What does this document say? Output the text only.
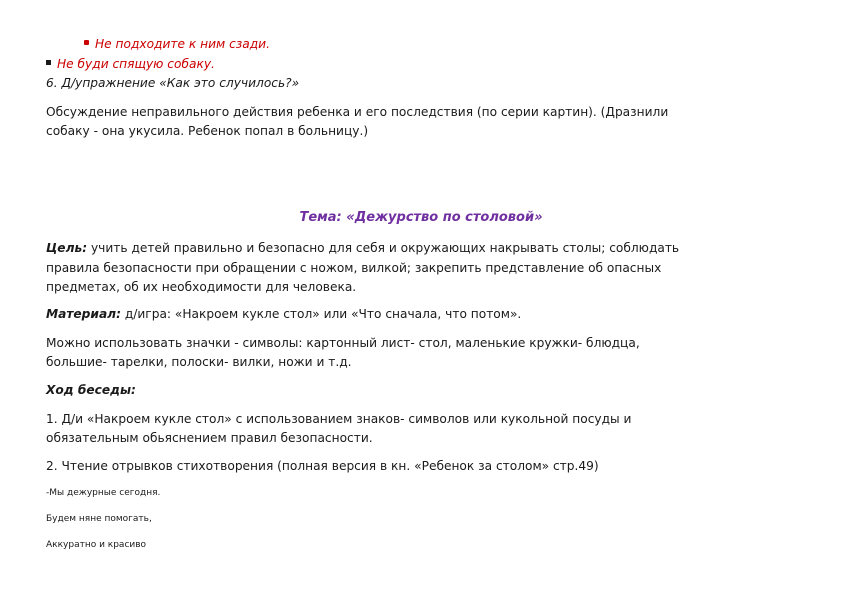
Не подходите к ним сзади.
Не буди спящую собаку.
6. Д/упражнение «Как это случилось?»
Обсуждение неправильного действия ребенка и его последствия (по серии картин). (Дразнили
собаку - она укусила. Ребенок попал в больницу.)
Тема: «Дежурство по столовой»
Цель: учить детей правильно и безопасно для себя и окружающих накрывать столы; соблюдать
правила безопасности при обращении с ножом, вилкой; закрепить представление об опасных
предметах, об их необходимости для человека.
Материал: д/игра: «Накроем кукле стол» или «Что сначала, что потом».
Можно использовать значки - символы: картонный лист- стол, маленькие кружки- блюдца,
большие- тарелки, полоски- вилки, ножи и т.д.
Ход беседы:
1. Д/и «Накроем кукле стол» с использованием знаков- символов или кукольной посуды и
обязательным обьяснением правил безопасности.
2. Чтение отрывков стихотворения (полная версия в кн. «Ребенок за столом» стр.49)
-Мы дежурные сегодня.
Будем няне помогать,
Аккуратно и красиво
